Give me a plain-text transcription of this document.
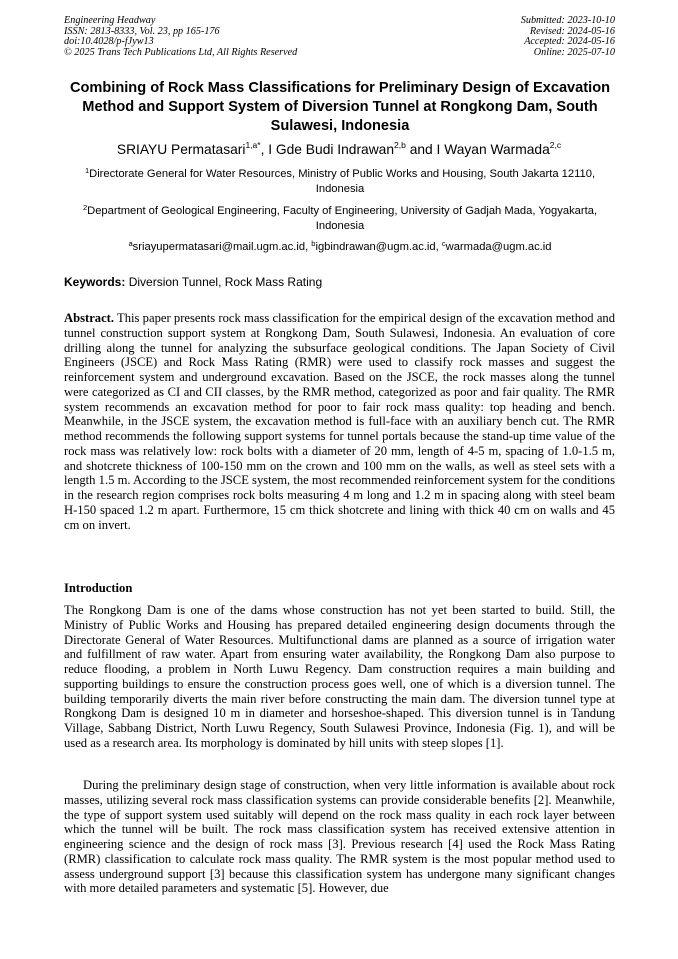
Engineering Headway
ISSN: 2813-8333, Vol. 23, pp 165-176
doi:10.4028/p-fJyw13
© 2025 Trans Tech Publications Ltd, All Rights Reserved
Submitted: 2023-10-10
Revised: 2024-05-16
Accepted: 2024-05-16
Online: 2025-07-10
Combining of Rock Mass Classifications for Preliminary Design of Excavation Method and Support System of Diversion Tunnel at Rongkong Dam, South Sulawesi, Indonesia
SRIAYU Permatasari$^{1,a*}$, I Gde Budi Indrawan$^{2,b}$ and I Wayan Warmada$^{2,c}$
$^1$Directorate General for Water Resources, Ministry of Public Works and Housing, South Jakarta 12110, Indonesia
$^2$Department of Geological Engineering, Faculty of Engineering, University of Gadjah Mada, Yogyakarta, Indonesia
$^a$sriayupermatasari@mail.ugm.ac.id, $^b$igbindrawan@ugm.ac.id, $^c$warmada@ugm.ac.id
Keywords: Diversion Tunnel, Rock Mass Rating
Abstract. This paper presents rock mass classification for the empirical design of the excavation method and tunnel construction support system at Rongkong Dam, South Sulawesi, Indonesia. An evaluation of core drilling along the tunnel for analyzing the subsurface geological conditions. The Japan Society of Civil Engineers (JSCE) and Rock Mass Rating (RMR) were used to classify rock masses and suggest the reinforcement system and underground excavation. Based on the JSCE, the rock masses along the tunnel were categorized as CI and CII classes, by the RMR method, categorized as poor and fair quality. The RMR system recommends an excavation method for poor to fair rock mass quality: top heading and bench. Meanwhile, in the JSCE system, the excavation method is full-face with an auxiliary bench cut. The RMR method recommends the following support systems for tunnel portals because the stand-up time value of the rock mass was relatively low: rock bolts with a diameter of 20 mm, length of 4-5 m, spacing of 1.0-1.5 m, and shotcrete thickness of 100-150 mm on the crown and 100 mm on the walls, as well as steel sets with a length 1.5 m. According to the JSCE system, the most recommended reinforcement system for the conditions in the research region comprises rock bolts measuring 4 m long and 1.2 m in spacing along with steel beam H-150 spaced 1.2 m apart. Furthermore, 15 cm thick shotcrete and lining with thick 40 cm on walls and 45 cm on invert.
Introduction

The Rongkong Dam is one of the dams whose construction has not yet been started to build. Still, the Ministry of Public Works and Housing has prepared detailed engineering design documents through the Directorate General of Water Resources. Multifunctional dams are planned as a source of irrigation water and fulfillment of raw water. Apart from ensuring water availability, the Rongkong Dam also purpose to reduce flooding, a problem in North Luwu Regency. Dam construction requires a main building and supporting buildings to ensure the construction process goes well, one of which is a diversion tunnel. The building temporarily diverts the main river before constructing the main dam. The diversion tunnel type at Rongkong Dam is designed 10 m in diameter and horseshoe-shaped. This diversion tunnel is in Tandung Village, Sabbang District, North Luwu Regency, South Sulawesi Province, Indonesia (Fig. 1), and will be used as a research area. Its morphology is dominated by hill units with steep slopes [1].

During the preliminary design stage of construction, when very little information is available about rock masses, utilizing several rock mass classification systems can provide considerable benefits [2]. Meanwhile, the type of support system used suitably will depend on the rock mass quality in each rock layer between which the tunnel will be built. The rock mass classification system has received extensive attention in engineering science and the design of rock mass [3]. Previous research [4] used the Rock Mass Rating (RMR) classification to calculate rock mass quality. The RMR system is the most popular method used to assess underground support [3] because this classification system has undergone many significant changes with more detailed parameters and systematic [5]. However, due
